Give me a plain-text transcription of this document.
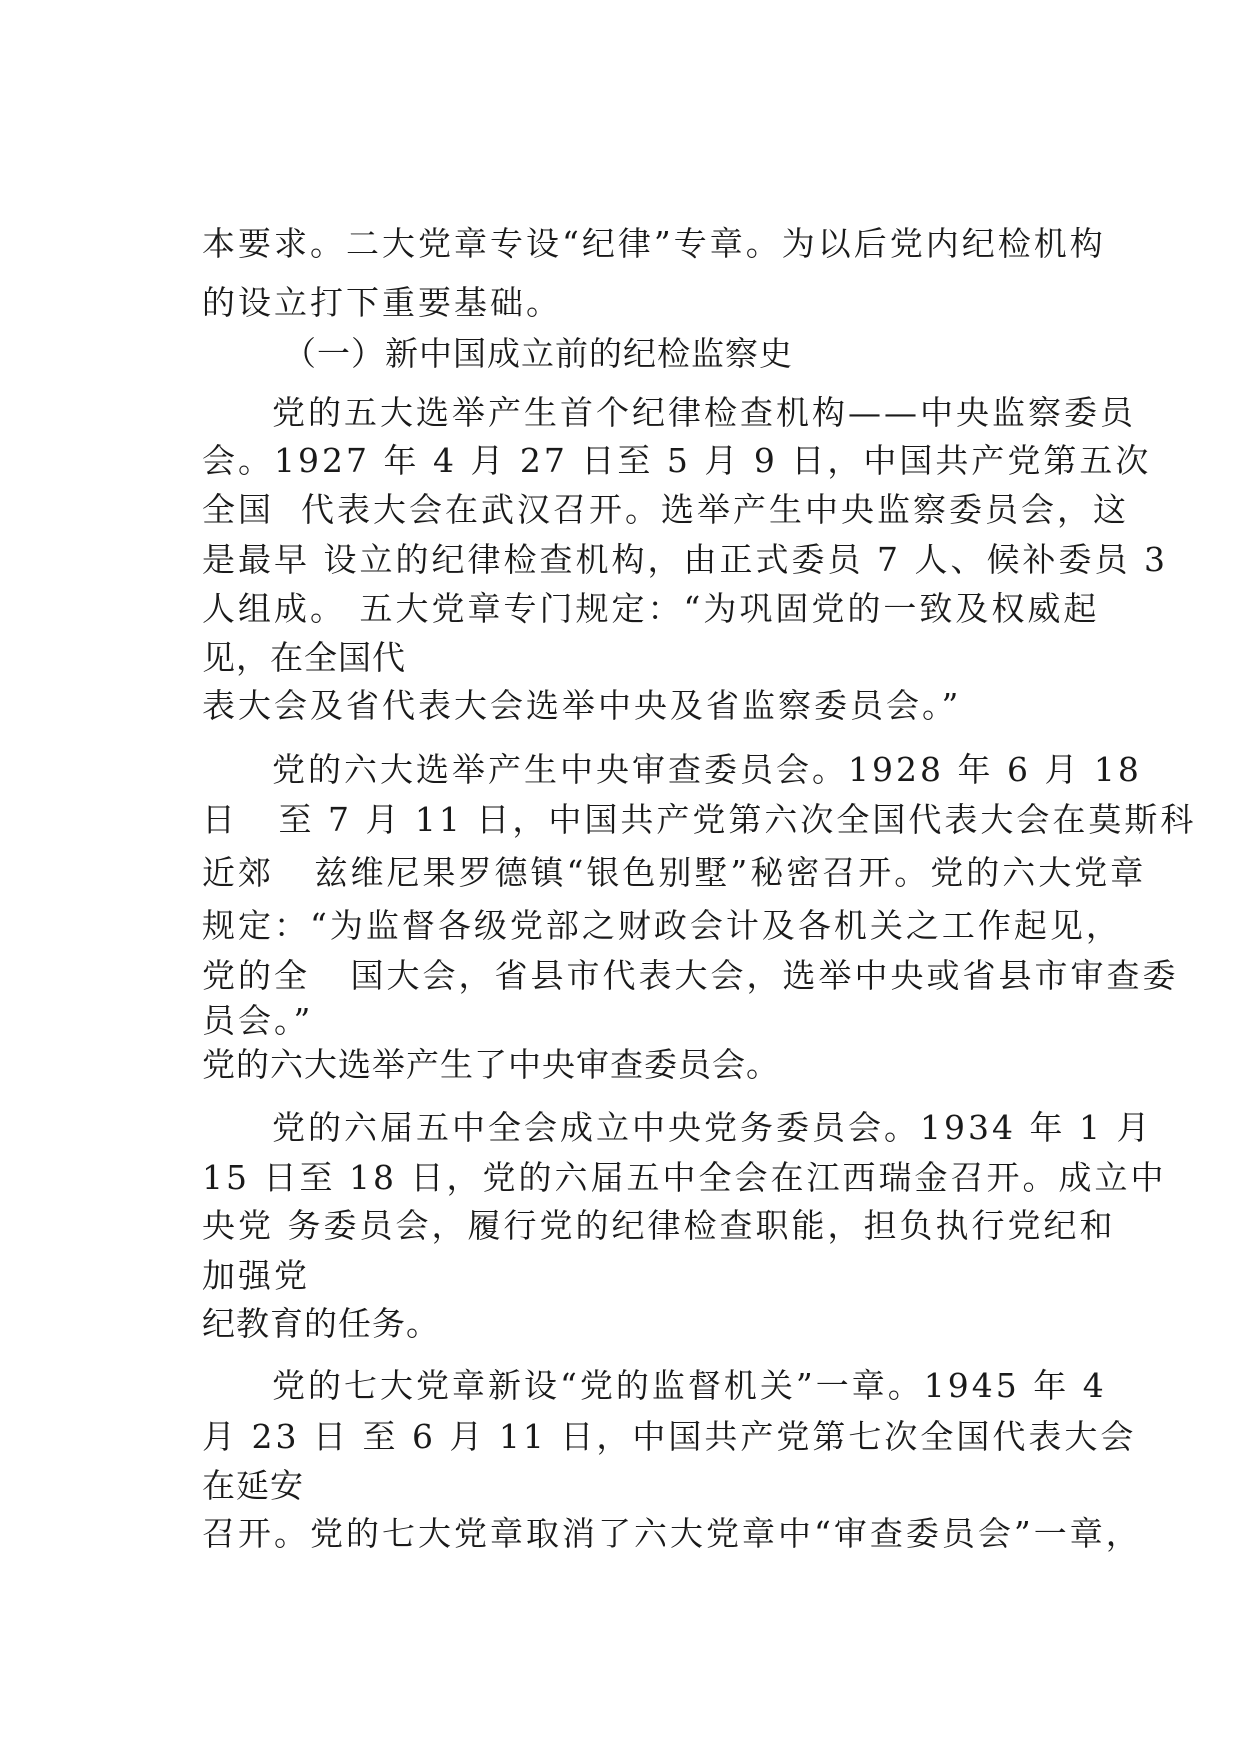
本要求。二大党章专设“纪律”专章。为以后党内纪检机构
的设立打下重要基础。
（一）新中国成立前的纪检监察史
党的五大选举产生首个纪律检查机构——中央监察委员
会。1927 年 4 月 27 日至 5 月 9 日，中国共产党第五次
全国  代表大会在武汉召开。选举产生中央监察委员会，这
是最早 设立的纪律检查机构，由正式委员 7 人、候补委员 3
人组成。 五大党章专门规定：“为巩固党的一致及权威起
见，在全国代
表大会及省代表大会选举中央及省监察委员会。”
党的六大选举产生中央审查委员会。1928 年 6 月 18
日   至 7 月 11 日，中国共产党第六次全国代表大会在莫斯科
近郊   兹维尼果罗德镇“银色别墅”秘密召开。党的六大党章
规定：“为监督各级党部之财政会计及各机关之工作起见，
党的全   国大会，省县市代表大会，选举中央或省县市审查委
员会。”
党的六大选举产生了中央审查委员会。
党的六届五中全会成立中央党务委员会。1934 年 1 月
15 日至 18 日，党的六届五中全会在江西瑞金召开。成立中
央党 务委员会，履行党的纪律检查职能，担负执行党纪和
加强党
纪教育的任务。
党的七大党章新设“党的监督机关”一章。1945 年 4
月 23 日 至 6 月 11 日，中国共产党第七次全国代表大会
在延安
召开。党的七大党章取消了六大党章中“审查委员会”一章，
